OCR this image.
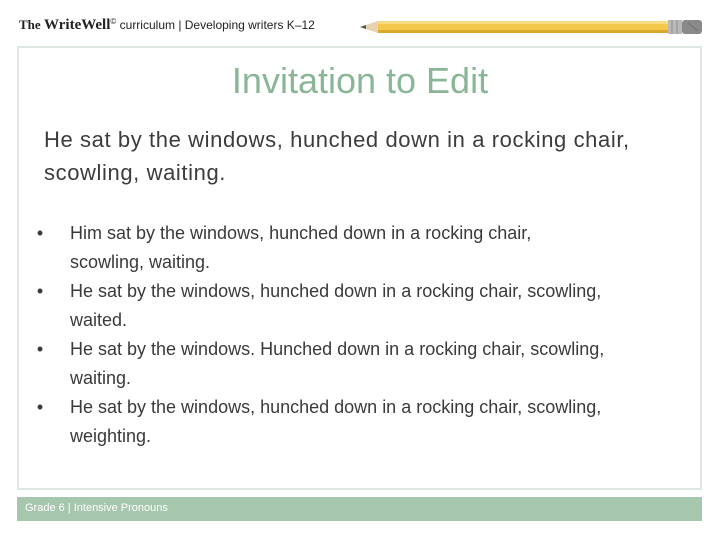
The WriteWell© curriculum | Developing writers K–12
Invitation to Edit
He sat by the windows, hunched down in a rocking chair, scowling, waiting.
•	Him sat by the windows, hunched down in a rocking chair, scowling, waiting.
•	He sat by the windows, hunched down in a rocking chair, scowling, waited.
•	He sat by the windows. Hunched down in a rocking chair, scowling, waiting.
•	He sat by the windows, hunched down in a rocking chair, scowling, weighting.
Grade 6 | Intensive Pronouns
